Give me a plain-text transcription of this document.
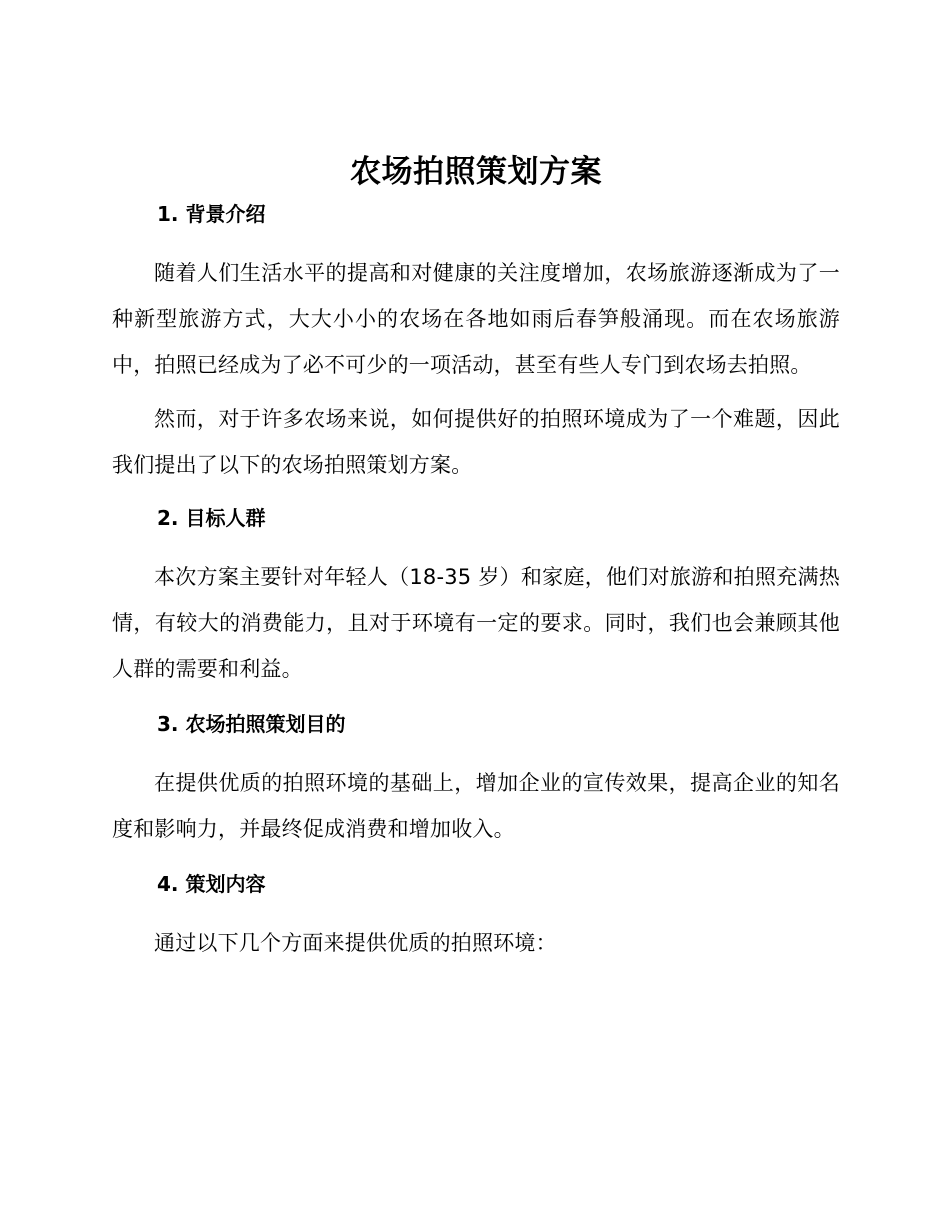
农场拍照策划方案
1. 背景介绍

随着人们生活水平的提高和对健康的关注度增加，农场旅游逐渐成为了一种新型旅游方式，大大小小的农场在各地如雨后春笋般涌现。而在农场旅游中，拍照已经成为了必不可少的一项活动，甚至有些人专门到农场去拍照。

然而，对于许多农场来说，如何提供好的拍照环境成为了一个难题，因此我们提出了以下的农场拍照策划方案。

2. 目标人群

本次方案主要针对年轻人（18-35 岁）和家庭，他们对旅游和拍照充满热情，有较大的消费能力，且对于环境有一定的要求。同时，我们也会兼顾其他人群的需要和利益。

3. 农场拍照策划目的

在提供优质的拍照环境的基础上，增加企业的宣传效果，提高企业的知名度和影响力，并最终促成消费和增加收入。

4. 策划内容

通过以下几个方面来提供优质的拍照环境：
